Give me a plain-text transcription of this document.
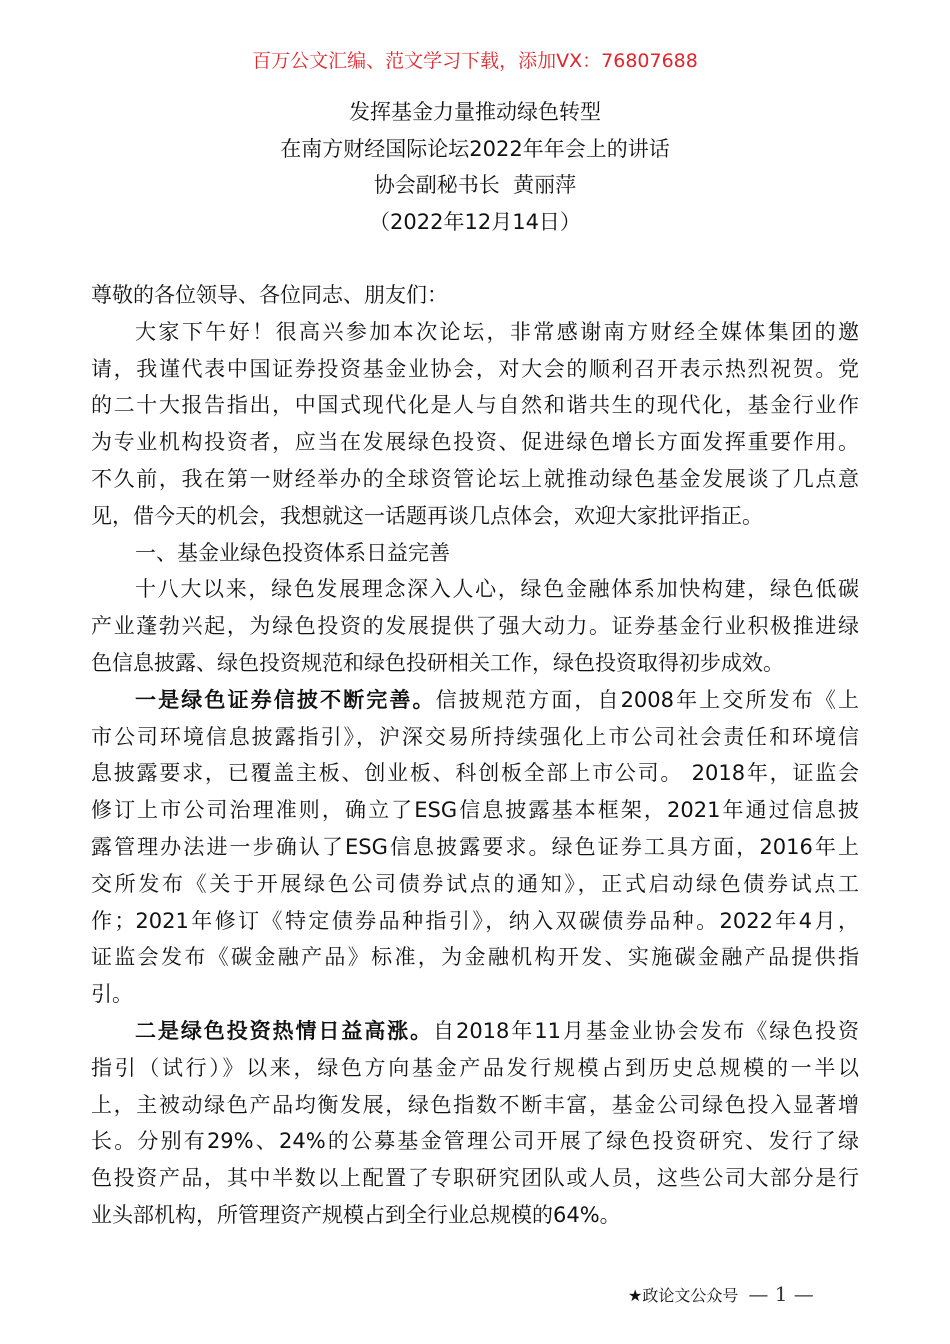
百万公文汇编、范文学习下载，添加VX：76807688
发挥基金力量推动绿色转型
在南方财经国际论坛2022年年会上的讲话
协会副秘书长  黄丽萍
（2022年12月14日）
尊敬的各位领导、各位同志、朋友们：
大家下午好！很高兴参加本次论坛，非常感谢南方财经全媒体集团的邀
请，我谨代表中国证券投资基金业协会，对大会的顺利召开表示热烈祝贺。党
的二十大报告指出，中国式现代化是人与自然和谐共生的现代化，基金行业作
为专业机构投资者，应当在发展绿色投资、促进绿色增长方面发挥重要作用。
不久前，我在第一财经举办的全球资管论坛上就推动绿色基金发展谈了几点意
见，借今天的机会，我想就这一话题再谈几点体会，欢迎大家批评指正。
一、基金业绿色投资体系日益完善
十八大以来，绿色发展理念深入人心，绿色金融体系加快构建，绿色低碳
产业蓬勃兴起，为绿色投资的发展提供了强大动力。证券基金行业积极推进绿
色信息披露、绿色投资规范和绿色投研相关工作，绿色投资取得初步成效。
一是绿色证券信披不断完善。信披规范方面，自2008年上交所发布《上
市公司环境信息披露指引》，沪深交易所持续强化上市公司社会责任和环境信
息披露要求，已覆盖主板、创业板、科创板全部上市公司。 2018年，证监会
修订上市公司治理准则，确立了ESG信息披露基本框架，2021年通过信息披
露管理办法进一步确认了ESG信息披露要求。绿色证券工具方面，2016年上
交所发布《关于开展绿色公司债券试点的通知》，正式启动绿色债券试点工
作；2021年修订《特定债券品种指引》，纳入双碳债券品种。2022年4月，
证监会发布《碳金融产品》标准，为金融机构开发、实施碳金融产品提供指
引。
二是绿色投资热情日益高涨。自2018年11月基金业协会发布《绿色投资
指引（试行）》以来，绿色方向基金产品发行规模占到历史总规模的一半以
上，主被动绿色产品均衡发展，绿色指数不断丰富，基金公司绿色投入显著增
长。分别有29%、24%的公募基金管理公司开展了绿色投资研究、发行了绿
色投资产品，其中半数以上配置了专职研究团队或人员，这些公司大部分是行
业头部机构，所管理资产规模占到全行业总规模的64%。
★政论文公众号 — 1 —
